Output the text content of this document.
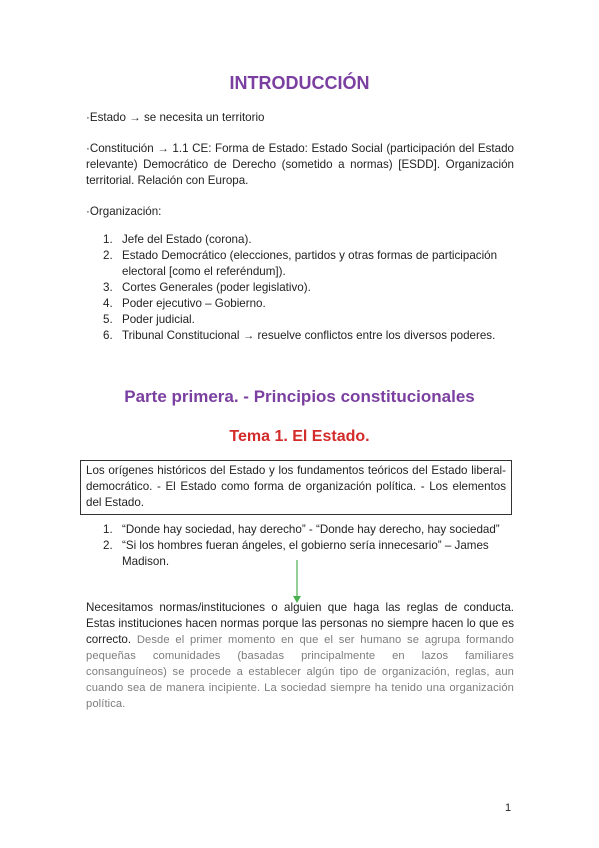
INTRODUCCIÓN

·Estado → se necesita un territorio

·Constitución → 1.1 CE: Forma de Estado: Estado Social (participación del Estado relevante) Democrático de Derecho (sometido a normas) [ESDD]. Organización territorial. Relación con Europa.

·Organización:

1. Jefe del Estado (corona).
2. Estado Democrático (elecciones, partidos y otras formas de participación electoral [como el referéndum]).
3. Cortes Generales (poder legislativo).
4. Poder ejecutivo – Gobierno.
5. Poder judicial.
6. Tribunal Constitucional → resuelve conflictos entre los diversos poderes.
Parte primera. - Principios constitucionales
Tema 1. El Estado.
Los orígenes históricos del Estado y los fundamentos teóricos del Estado liberal-democrático. - El Estado como forma de organización política. - Los elementos del Estado.
1. “Donde hay sociedad, hay derecho” - “Donde hay derecho, hay sociedad”
2. “Si los hombres fueran ángeles, el gobierno sería innecesario” – James Madison.

Necesitamos normas/instituciones o alguien que haga las reglas de conducta. Estas instituciones hacen normas porque las personas no siempre hacen lo que es correcto. Desde el primer momento en que el ser humano se agrupa formando pequeñas comunidades (basadas principalmente en lazos familiares consanguíneos) se procede a establecer algún tipo de organización, reglas, aun cuando sea de manera incipiente. La sociedad siempre ha tenido una organización política.

1
